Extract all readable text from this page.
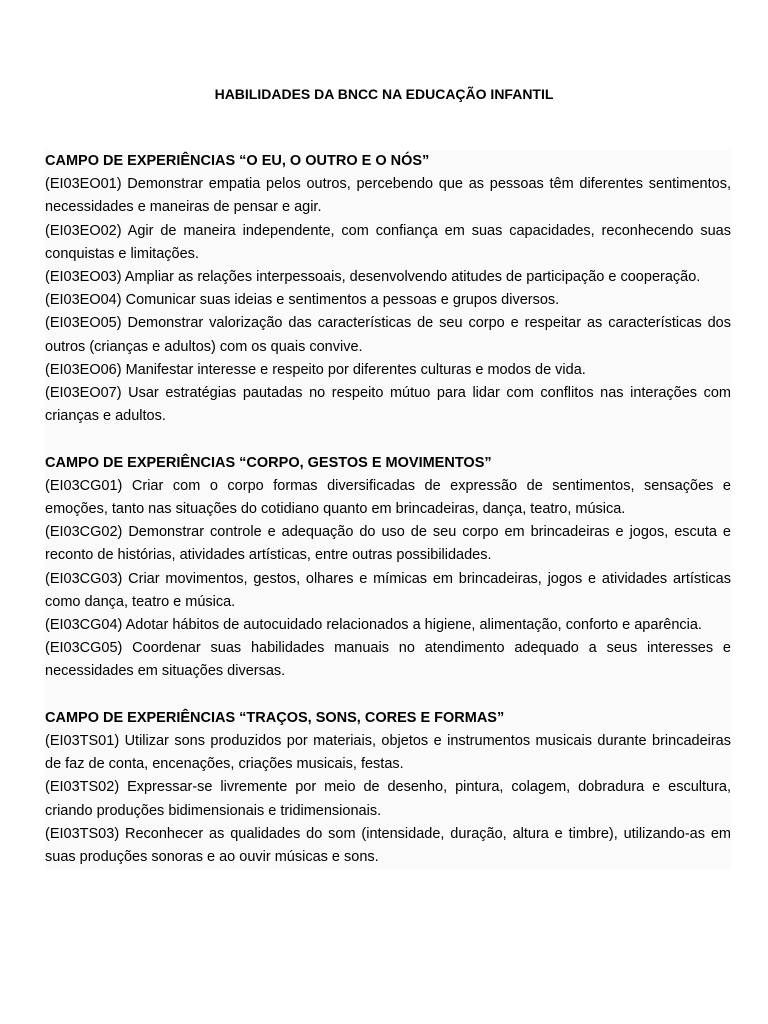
HABILIDADES DA BNCC NA EDUCAÇÃO INFANTIL

CAMPO DE EXPERIÊNCIAS “O EU, O OUTRO E O NÓS”

(EI03EO01) Demonstrar empatia pelos outros, percebendo que as pessoas têm diferentes sentimentos, necessidades e maneiras de pensar e agir.

(EI03EO02) Agir de maneira independente, com confiança em suas capacidades, reconhecendo suas conquistas e limitações.

(EI03EO03) Ampliar as relações interpessoais, desenvolvendo atitudes de participação e cooperação.

(EI03EO04) Comunicar suas ideias e sentimentos a pessoas e grupos diversos.

(EI03EO05) Demonstrar valorização das características de seu corpo e respeitar as características dos outros (crianças e adultos) com os quais convive.

(EI03EO06) Manifestar interesse e respeito por diferentes culturas e modos de vida.

(EI03EO07) Usar estratégias pautadas no respeito mútuo para lidar com conflitos nas interações com crianças e adultos.

CAMPO DE EXPERIÊNCIAS “CORPO, GESTOS E MOVIMENTOS”

(EI03CG01) Criar com o corpo formas diversificadas de expressão de sentimentos, sensações e emoções, tanto nas situações do cotidiano quanto em brincadeiras, dança, teatro, música.

(EI03CG02) Demonstrar controle e adequação do uso de seu corpo em brincadeiras e jogos, escuta e reconto de histórias, atividades artísticas, entre outras possibilidades.

(EI03CG03) Criar movimentos, gestos, olhares e mímicas em brincadeiras, jogos e atividades artísticas como dança, teatro e música.

(EI03CG04) Adotar hábitos de autocuidado relacionados a higiene, alimentação, conforto e aparência.

(EI03CG05) Coordenar suas habilidades manuais no atendimento adequado a seus interesses e necessidades em situações diversas.

CAMPO DE EXPERIÊNCIAS “TRAÇOS, SONS, CORES E FORMAS”

(EI03TS01) Utilizar sons produzidos por materiais, objetos e instrumentos musicais durante brincadeiras de faz de conta, encenações, criações musicais, festas.

(EI03TS02) Expressar-se livremente por meio de desenho, pintura, colagem, dobradura e escultura, criando produções bidimensionais e tridimensionais.

(EI03TS03) Reconhecer as qualidades do som (intensidade, duração, altura e timbre), utilizando-as em suas produções sonoras e ao ouvir músicas e sons.
